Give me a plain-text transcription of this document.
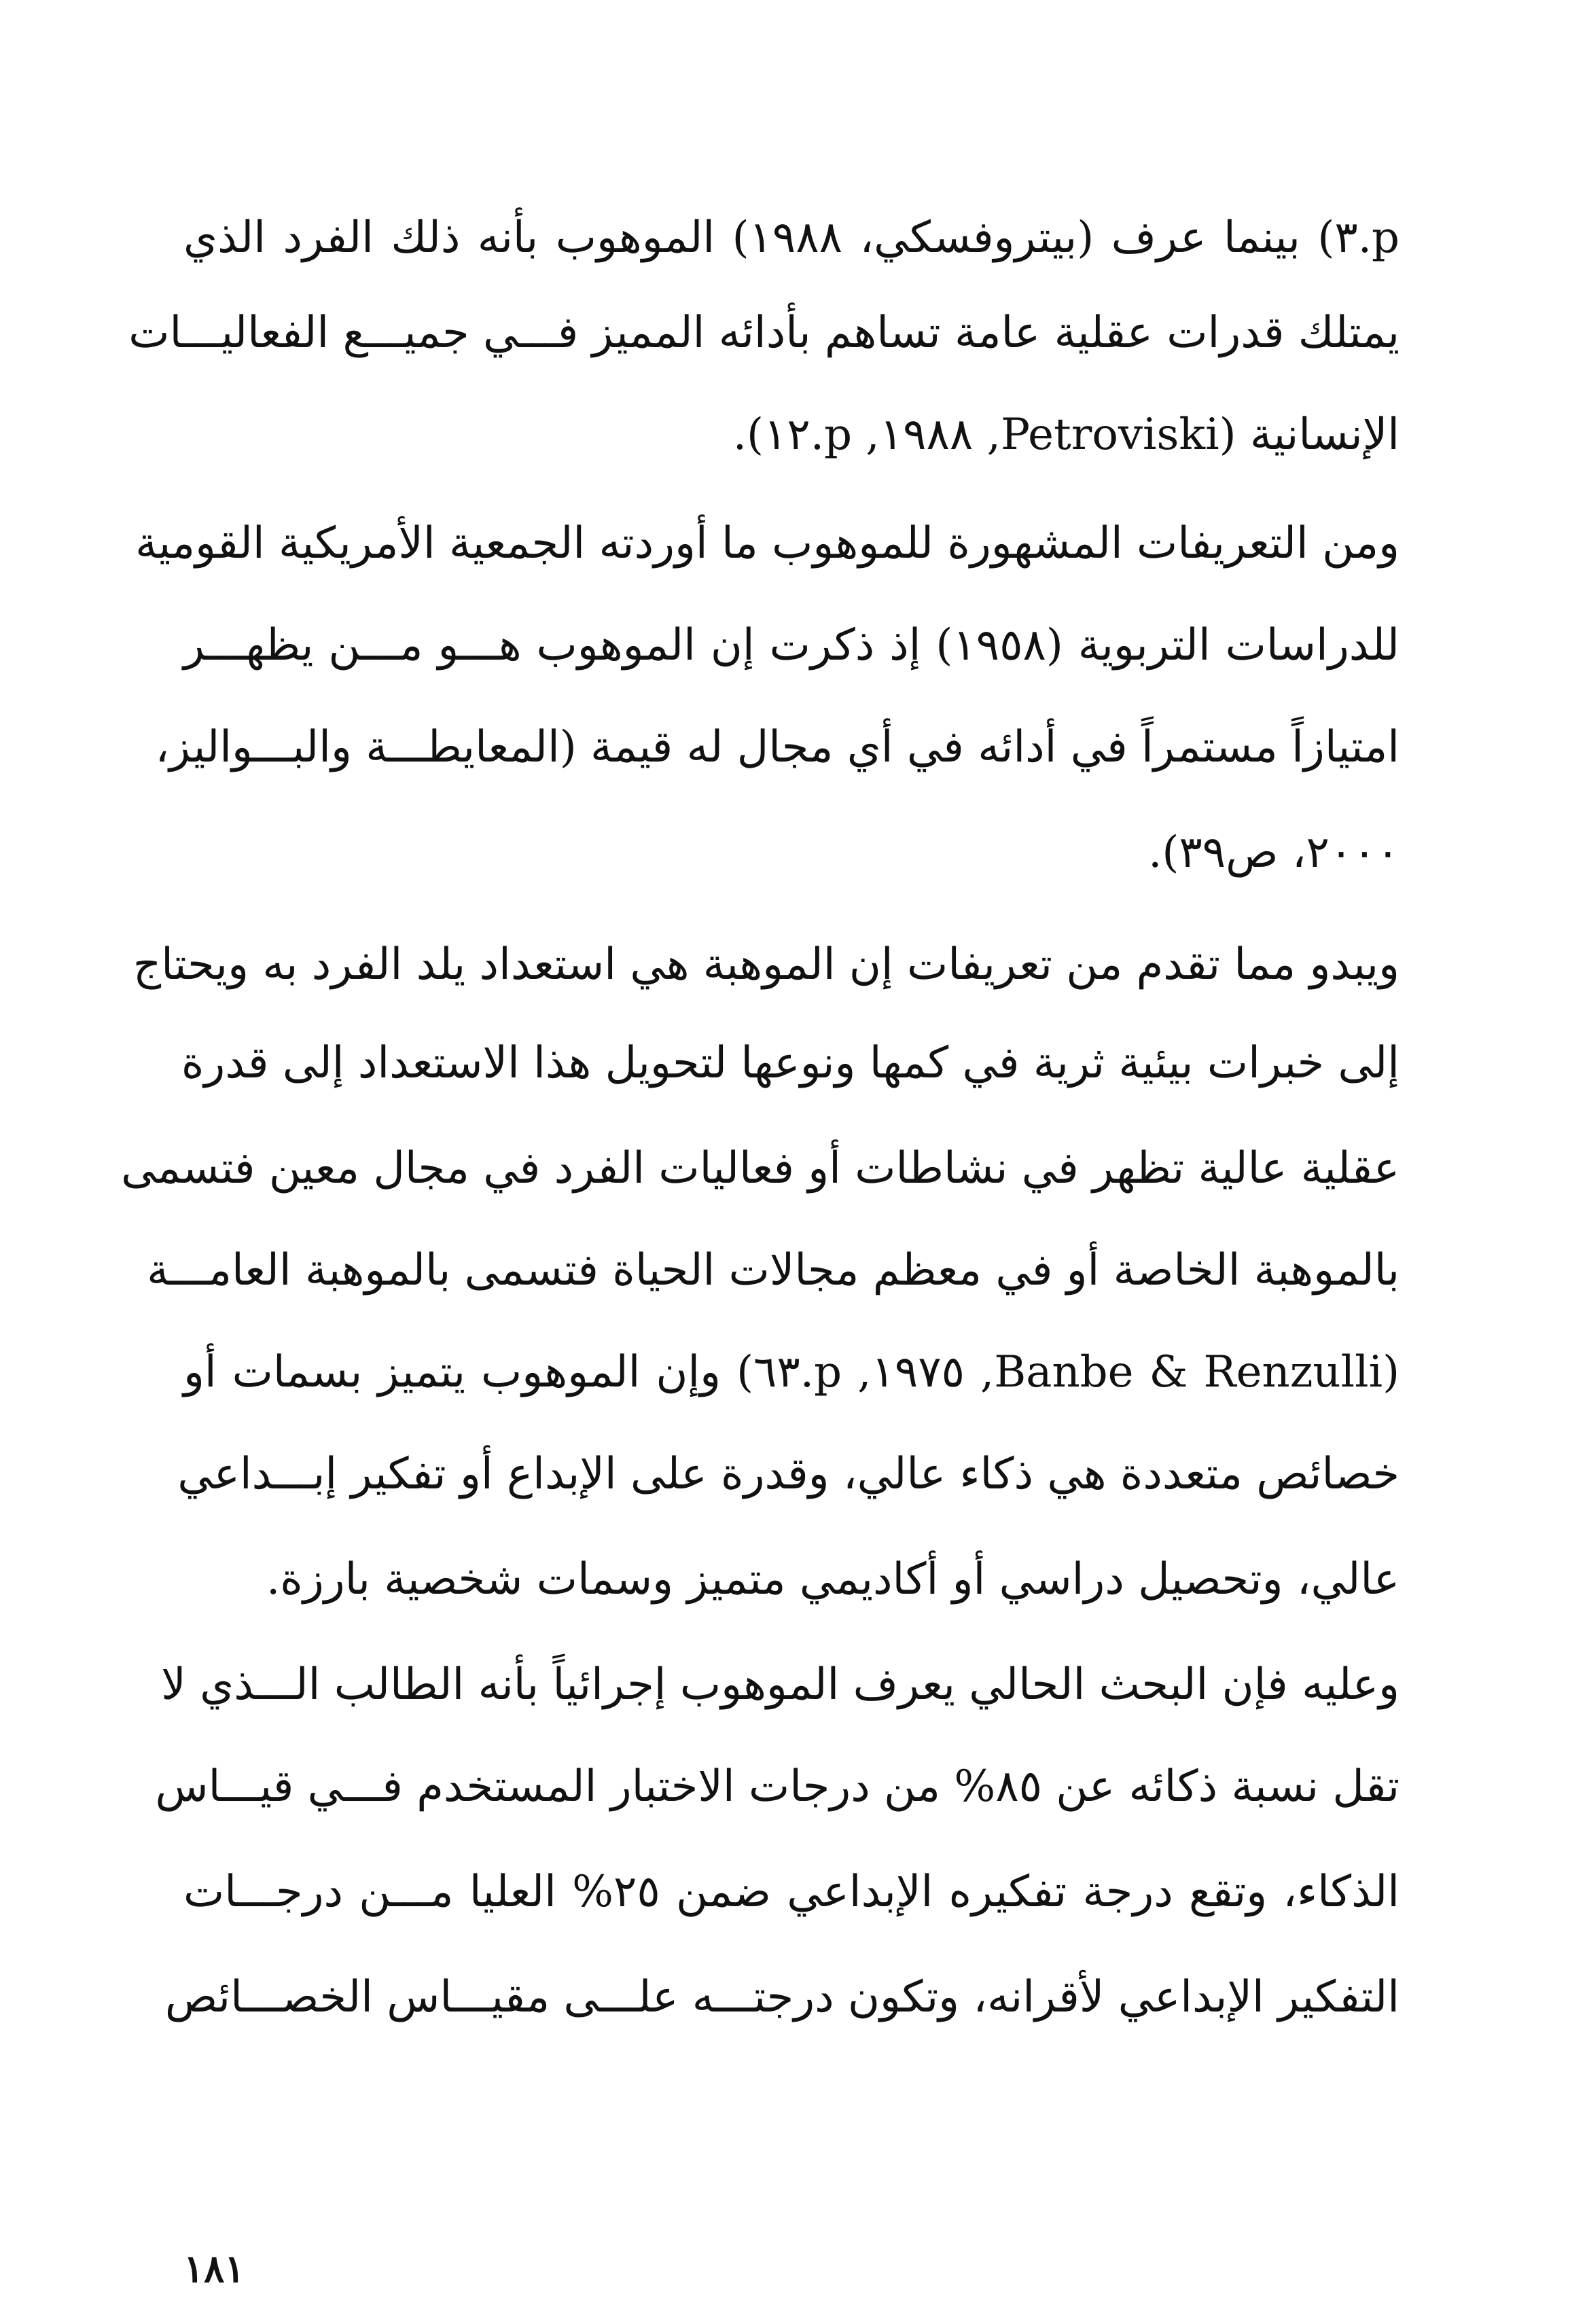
p.٣) بينما عرف (بيتروفسكي، ١٩٨٨) الموهوب بأنه ذلك الفرد الذي
يمتلك قدرات عقلية عامة تساهم بأدائه المميز فـــي جميـــع الفعاليـــات
الإنسانية (Petroviski, ١٩٨٨, p.١٢).
ومن التعريفات المشهورة للموهوب ما أوردته الجمعية الأمريكية القومية
للدراسات التربوية (١٩٥٨) إذ ذكرت إن الموهوب هـــو مـــن يظهـــر
امتيازاً مستمراً في أدائه في أي مجال له قيمة (المعايطـــة والبـــواليز،
٢٠٠٠، ص٣٩).
ويبدو مما تقدم من تعريفات إن الموهبة هي استعداد يلد الفرد به ويحتاج
إلى خبرات بيئية ثرية في كمها ونوعها لتحويل هذا الاستعداد إلى قدرة
عقلية عالية تظهر في نشاطات أو فعاليات الفرد في مجال معين فتسمى
بالموهبة الخاصة أو في معظم مجالات الحياة فتسمى بالموهبة العامـــة
(Banbe & Renzulli, ١٩٧٥, p.٦٣) وإن الموهوب يتميز بسمات أو
خصائص متعددة هي ذكاء عالي، وقدرة على الإبداع أو تفكير إبـــداعي
عالي، وتحصيل دراسي أو أكاديمي متميز وسمات شخصية بارزة.
وعليه فإن البحث الحالي يعرف الموهوب إجرائياً بأنه الطالب الـــذي لا
تقل نسبة ذكائه عن ٨٥% من درجات الاختبار المستخدم فـــي قيـــاس
الذكاء، وتقع درجة تفكيره الإبداعي ضمن ٢٥% العليا مـــن درجـــات
التفكير الإبداعي لأقرانه، وتكون درجتـــه علـــى مقيـــاس الخصـــائص
١٨١
